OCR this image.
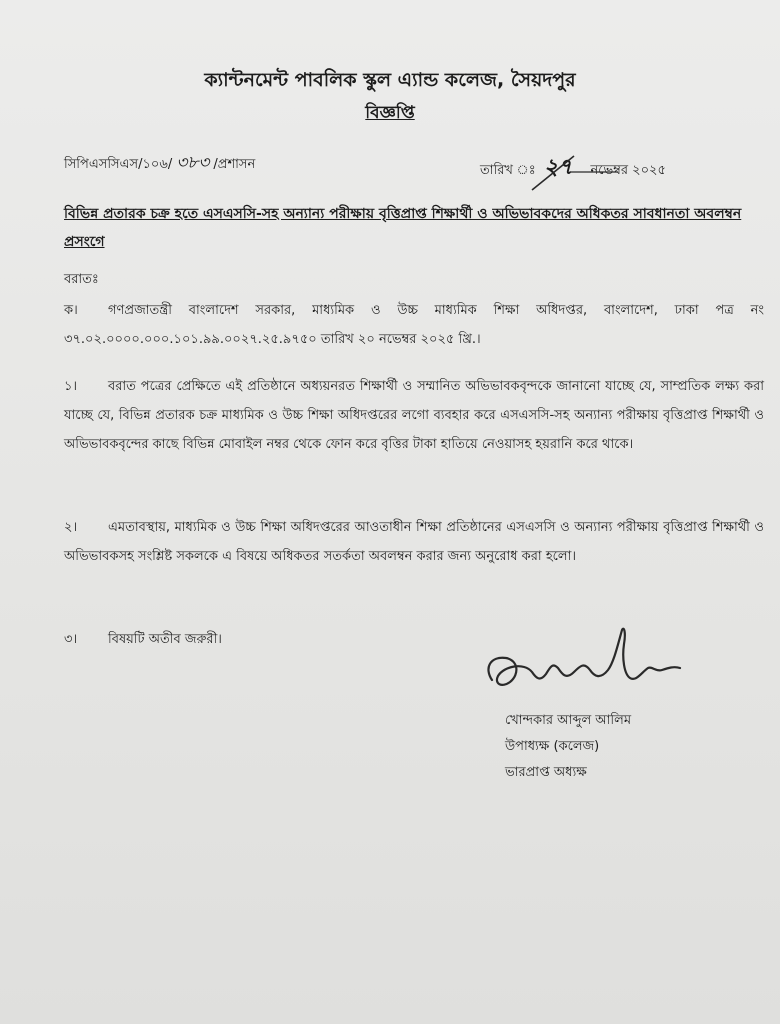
ক্যান্টনমেন্ট পাবলিক স্কুল এ্যান্ড কলেজ, সৈয়দপুর
বিজ্ঞপ্তি
সিপিএসসিএস/১০৬/ ৩৮৩ /প্রশাসন	তারিখ ঃ ২৭ নভেম্বর ২০২৫
বিভিন্ন প্রতারক চক্র হতে এসএসসি-সহ অন্যান্য পরীক্ষায় বৃত্তিপ্রাপ্ত শিক্ষার্থী ও অভিভাবকদের অধিকতর সাবধানতা অবলম্বন প্রসংগে
বরাতঃ
ক। গণপ্রজাতন্ত্রী বাংলাদেশ সরকার, মাধ্যমিক ও উচ্চ মাধ্যমিক শিক্ষা অধিদপ্তর, বাংলাদেশ, ঢাকা পত্র নং ৩৭.০২.০০০০.০০০.১০১.৯৯.০০২৭.২৫.৯৭৫০ তারিখ ২০ নভেম্বর ২০২৫ খ্রি.।
১। বরাত পত্রের প্রেক্ষিতে এই প্রতিষ্ঠানে অধ্যয়নরত শিক্ষার্থী ও সম্মানিত অভিভাবকবৃন্দকে জানানো যাচ্ছে যে, সাম্প্রতিক লক্ষ্য করা যাচ্ছে যে, বিভিন্ন প্রতারক চক্র মাধ্যমিক ও উচ্চ শিক্ষা অধিদপ্তরের লগো ব্যবহার করে এসএসসি-সহ অন্যান্য পরীক্ষায় বৃত্তিপ্রাপ্ত শিক্ষার্থী ও অভিভাবকবৃন্দের কাছে বিভিন্ন মোবাইল নম্বর থেকে ফোন করে বৃত্তির টাকা হাতিয়ে নেওয়াসহ হয়রানি করে থাকে।
২। এমতাবস্থায়, মাধ্যমিক ও উচ্চ শিক্ষা অধিদপ্তরের আওতাধীন শিক্ষা প্রতিষ্ঠানের এসএসসি ও অন্যান্য পরীক্ষায় বৃত্তিপ্রাপ্ত শিক্ষার্থী ও অভিভাবকসহ সংশ্লিষ্ট সকলকে এ বিষয়ে অধিকতর সতর্কতা অবলম্বন করার জন্য অনুরোধ করা হলো।
৩। বিষয়টি অতীব জরুরী।
খোন্দকার আব্দুল আলিম
উপাধ্যক্ষ (কলেজ)
ভারপ্রাপ্ত অধ্যক্ষ
